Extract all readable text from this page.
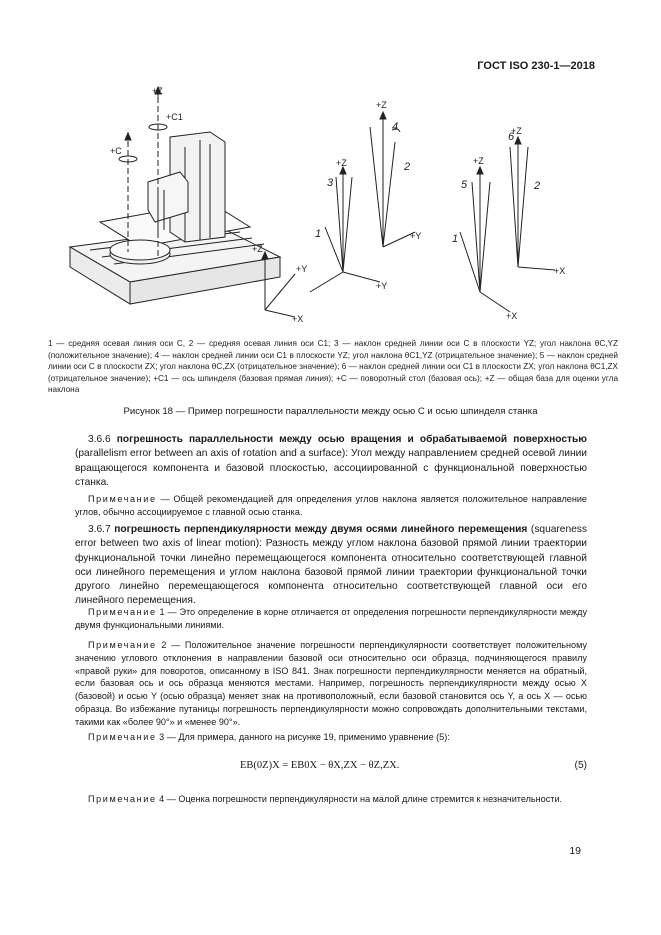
ГОСТ ISO 230-1—2018
+Z
+C1
+C
+Z
+Y
+X
+Z
+Z
+Y
+Y
+Z
+Z
+X
+X
1
2
3
4
1
2
5
6
1 — средняя осевая линия оси C, 2 — средняя осевая линия оси C1; 3 — наклон средней линии оси C в плоскости YZ; угол наклона θC,YZ (положительное значение); 4 — наклон средней линии оси C1 в плоскости YZ; угол наклона θC1,YZ (отрицательное значение); 5 — наклон средней линии оси C в плоскости ZX; угол наклона θC,ZX (отрицательное значение); 6 — наклон средней линии оси C1 в плоскости ZX; угол наклона θC1,ZX (отрицательное значение); +C1 — ось шпинделя (базовая прямая линия); +C — поворотный стол (базовая ось); +Z — общая база для оценки угла наклона
Рисунок 18 — Пример погрешности параллельности между осью C и осью шпинделя станка
3.6.6 погрешность параллельности между осью вращения и обрабатываемой поверхностью (parallelism error between an axis of rotation and a surface): Угол между направлением средней осевой линии вращающегося компонента и базовой плоскостью, ассоциированной с функциональной поверхностью станка.
Примечание — Общей рекомендацией для определения углов наклона является положительное направление углов, обычно ассоциируемое с главной осью станка.
3.6.7 погрешность перпендикулярности между двумя осями линейного перемещения (squareness error between two axis of linear motion): Разность между углом наклона базовой прямой линии траектории функциональной точки линейно перемещающегося компонента относительно соответствующей главной оси линейного перемещения и углом наклона базовой прямой линии траектории функциональной точки другого линейно перемещающегося компонента относительно соответствующей главной оси его линейного перемещения.
Примечание 1 — Это определение в корне отличается от определения погрешности перпендикулярности между двумя функциональными линиями.
Примечание 2 — Положительное значение погрешности перпендикулярности соответствует положительному значению углового отклонения в направлении базовой оси относительно оси образца, подчиняющегося правилу «правой руки» для поворотов, описанному в ISO 841. Знак погрешности перпендикулярности меняется на обратный, если базовая ось и ось образца меняются местами. Например, погрешность перпендикулярности между осью X (базовой) и осью Y (осью образца) меняет знак на противоположный, если базовой становится ось Y, а ось X — осью образца. Во избежание путаницы погрешность перпендикулярности можно сопровождать дополнительными текстами, такими как «более 90°» и «менее 90°».
Примечание 3 — Для примера, данного на рисунке 19, применимо уравнение (5):
EB(0Z)X = EB0X − θX,ZX − θZ,ZX.	(5)
Примечание 4 — Оценка погрешности перпендикулярности на малой длине стремится к незначительности.
19
